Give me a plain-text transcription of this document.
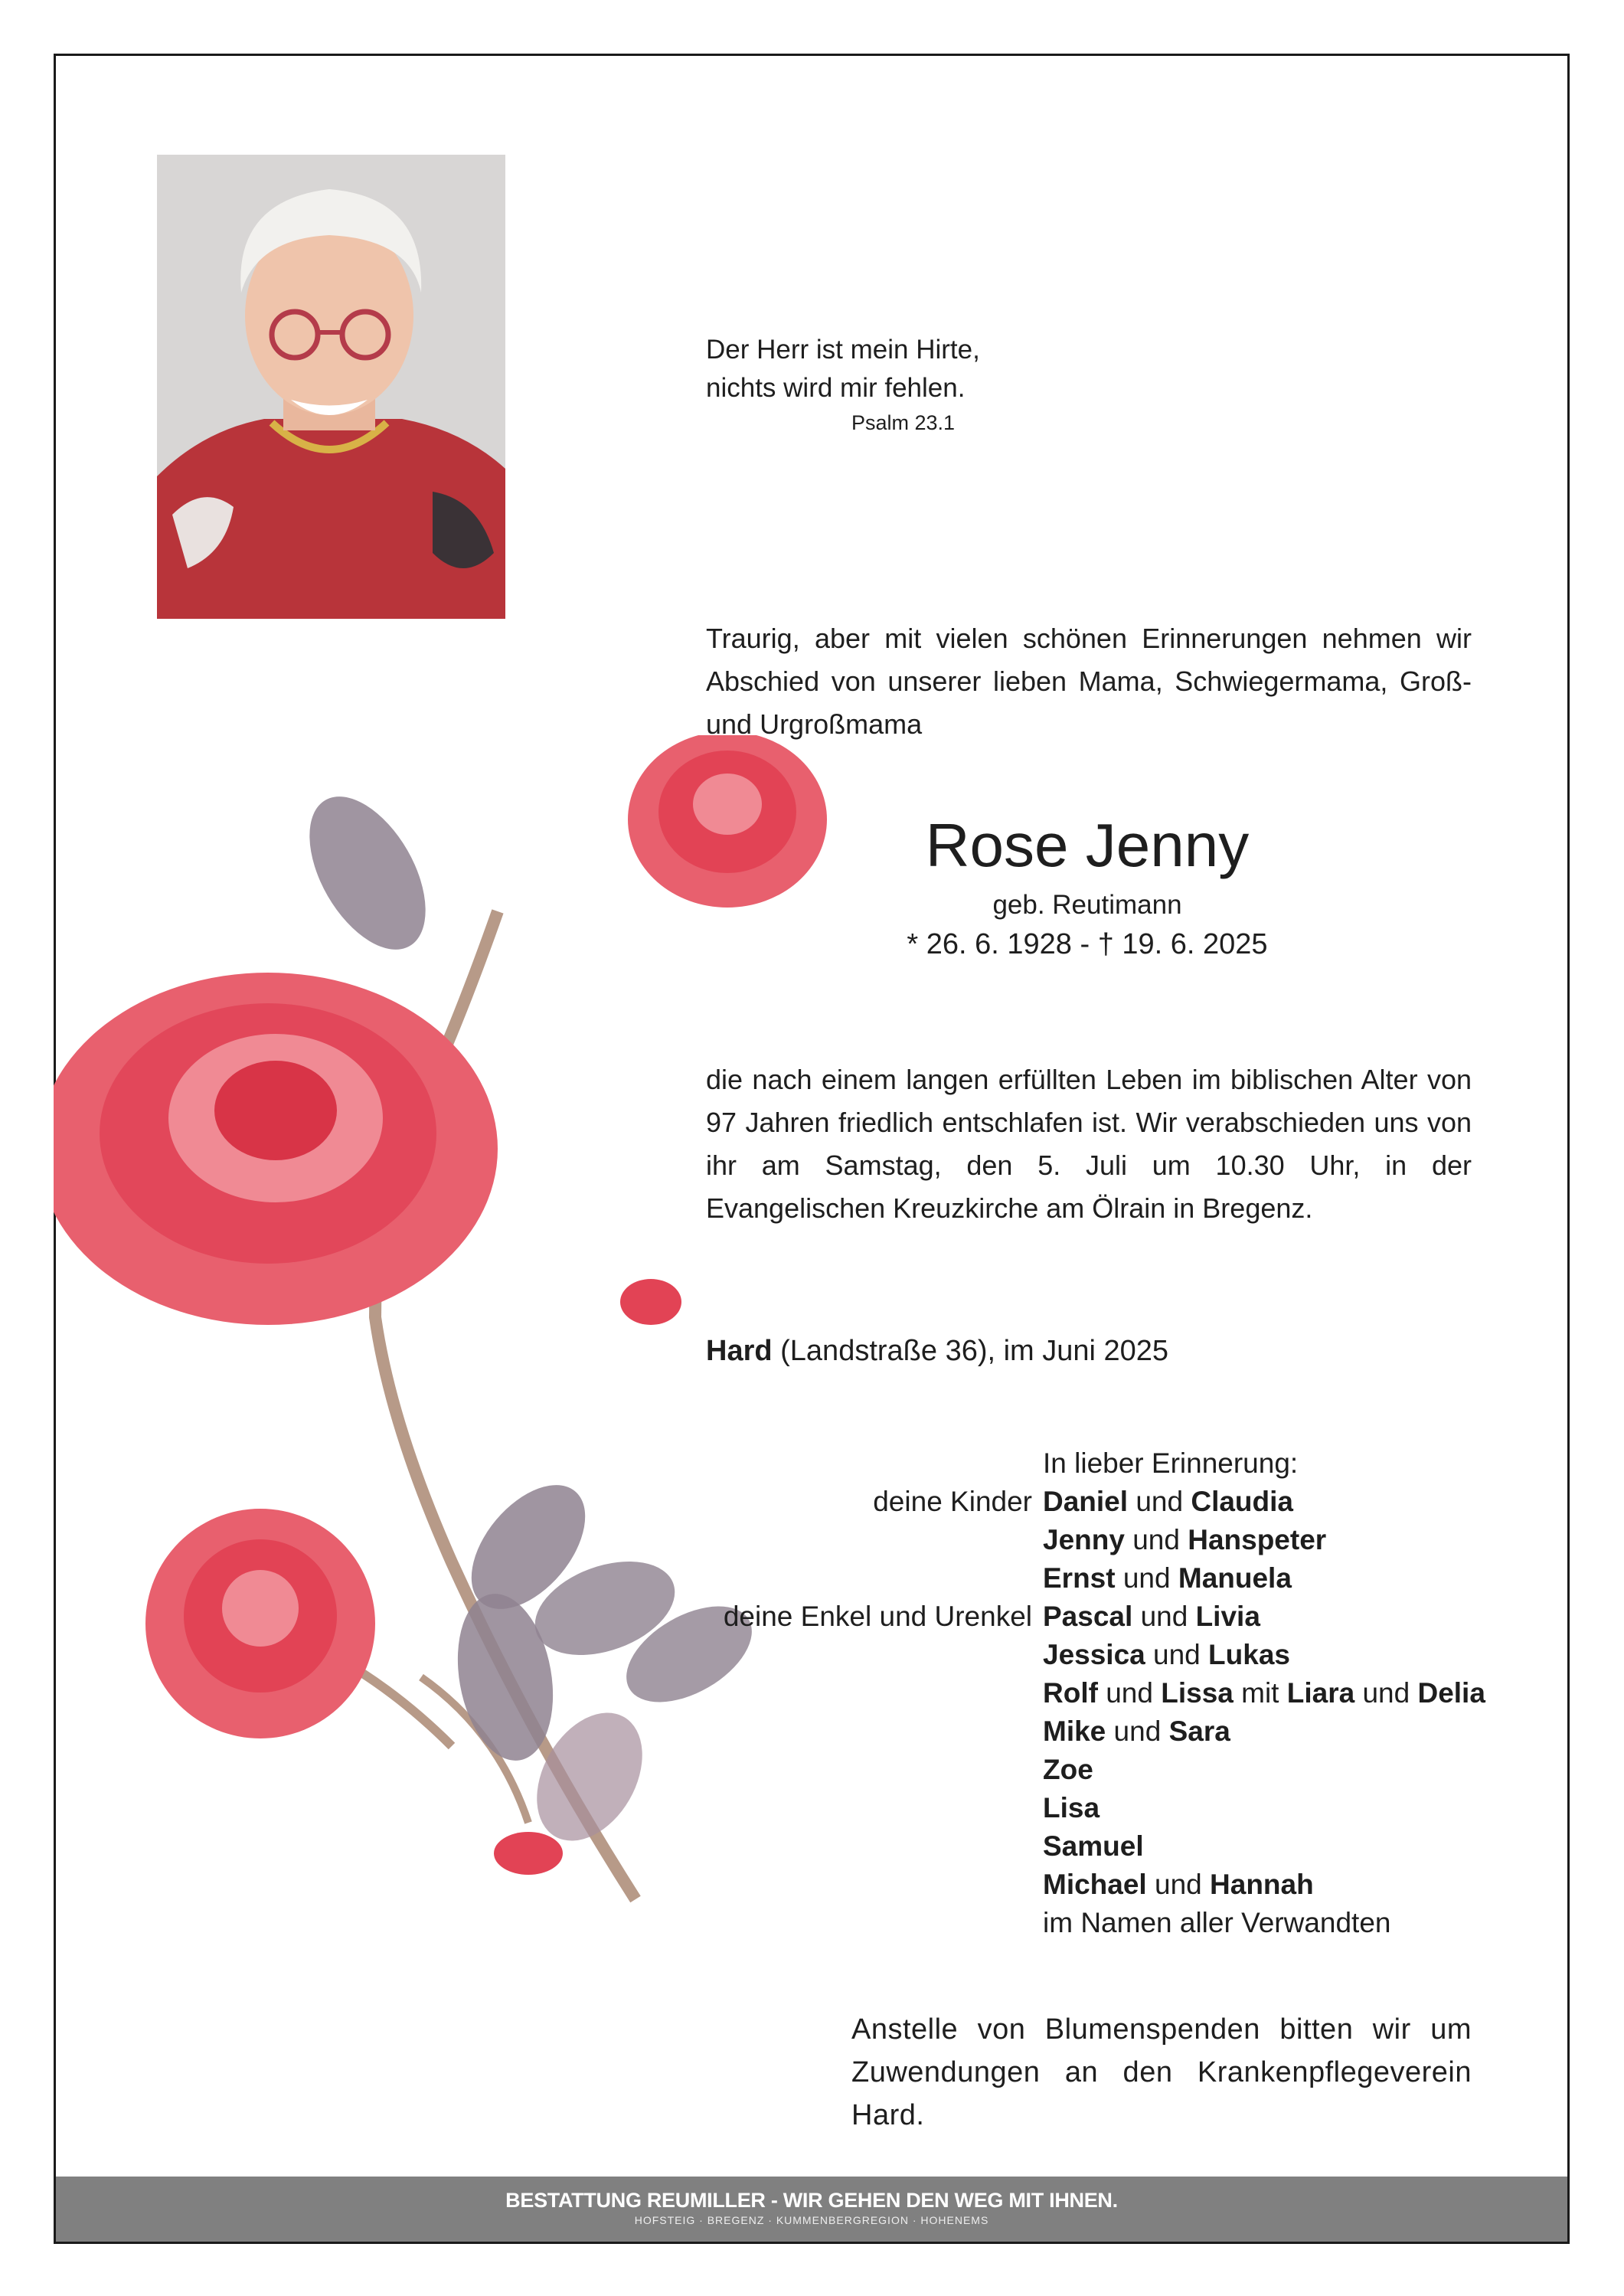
Der Herr ist mein Hirte,
nichts wird mir fehlen.
Psalm 23.1
Traurig, aber mit vielen schönen Erinnerungen nehmen wir Abschied von unserer lieben Mama, Schwiegermama, Groß- und Urgroßmama
Rose Jenny
geb. Reutimann
* 26. 6. 1928 - † 19. 6. 2025
die nach einem langen erfüllten Leben im biblischen Alter von 97 Jahren friedlich entschlafen ist. Wir verabschieden uns von ihr am Samstag, den 5. Juli um 10.30 Uhr, in der Evangelischen Kreuzkirche am Ölrain in Bregenz.
Hard (Landstraße 36), im Juni 2025
In lieber Erinnerung:
deine Kinder Daniel und Claudia
Jenny und Hanspeter
Ernst und Manuela
deine Enkel und Urenkel Pascal und Livia
Jessica und Lukas
Rolf und Lissa mit Liara und Delia
Mike und Sara
Zoe
Lisa
Samuel
Michael und Hannah
im Namen aller Verwandten
Anstelle von Blumenspenden bitten wir um Zuwendungen an den Krankenpflegeverein Hard.
BESTATTUNG REUMILLER - WIR GEHEN DEN WEG MIT IHNEN.
HOFSTEIG · BREGENZ · KUMMENBERGREGION · HOHENEMS
